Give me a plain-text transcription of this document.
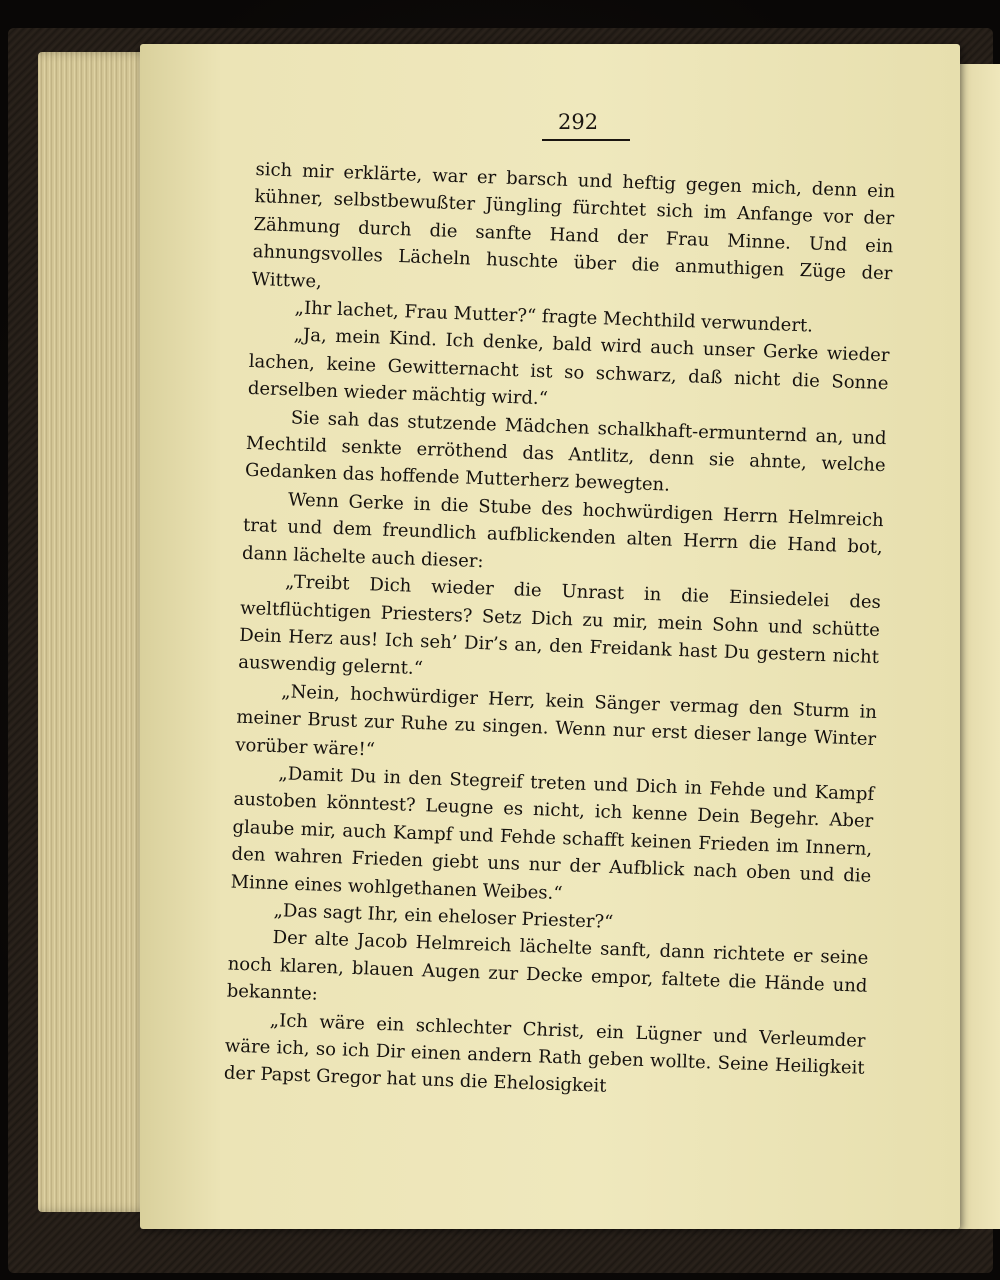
292

sich mir erklärte, war er barsch und heftig gegen mich, denn ein kühner, selbstbewußter Jüngling fürchtet sich im Anfange vor der Zähmung durch die sanfte Hand der Frau Minne. Und ein ahnungsvolles Lächeln huschte über die anmuthigen Züge der Wittwe,

„Ihr lachet, Frau Mutter?“ fragte Mechthild verwundert.

„Ja, mein Kind. Ich denke, bald wird auch unser Gerke wieder lachen, keine Gewitternacht ist so schwarz, daß nicht die Sonne derselben wieder mächtig wird.“

Sie sah das stutzende Mädchen schalkhaft-ermunternd an, und Mechtild senkte erröthend das Antlitz, denn sie ahnte, welche Gedanken das hoffende Mutterherz bewegten.

Wenn Gerke in die Stube des hochwürdigen Herrn Helmreich trat und dem freundlich aufblickenden alten Herrn die Hand bot, dann lächelte auch dieser:

„Treibt Dich wieder die Unrast in die Einsiedelei des weltflüchtigen Priesters? Setz Dich zu mir, mein Sohn und schütte Dein Herz aus! Ich seh’ Dir’s an, den Freidank hast Du gestern nicht auswendig gelernt.“

„Nein, hochwürdiger Herr, kein Sänger vermag den Sturm in meiner Brust zur Ruhe zu singen. Wenn nur erst dieser lange Winter vorüber wäre!“

„Damit Du in den Stegreif treten und Dich in Fehde und Kampf austoben könntest? Leugne es nicht, ich kenne Dein Begehr. Aber glaube mir, auch Kampf und Fehde schafft keinen Frieden im Innern, den wahren Frieden giebt uns nur der Aufblick nach oben und die Minne eines wohlgethanen Weibes.“

„Das sagt Ihr, ein eheloser Priester?“

Der alte Jacob Helmreich lächelte sanft, dann richtete er seine noch klaren, blauen Augen zur Decke empor, faltete die Hände und bekannte:

„Ich wäre ein schlechter Christ, ein Lügner und Verleumder wäre ich, so ich Dir einen andern Rath geben wollte. Seine Heiligkeit der Papst Gregor hat uns die Ehelosigkeit
